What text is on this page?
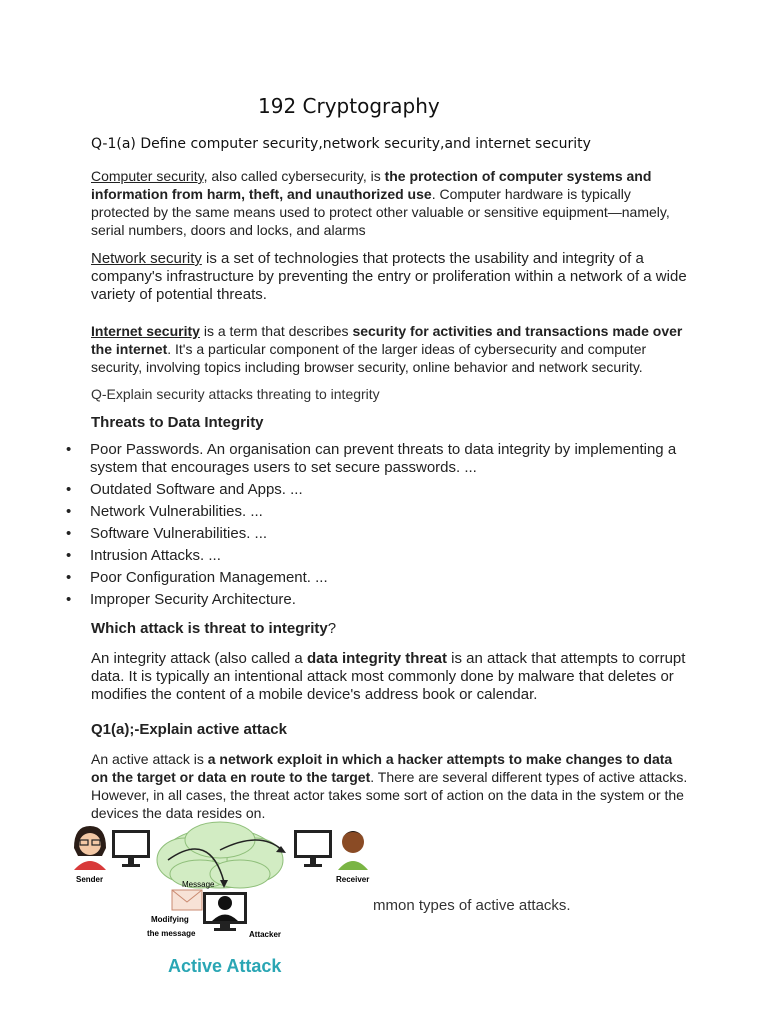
192 Cryptography
Q-1(a) Define computer security,network security,and internet security
Computer security, also called cybersecurity, is the protection of computer systems and information from harm, theft, and unauthorized use. Computer hardware is typically protected by the same means used to protect other valuable or sensitive equipment—namely, serial numbers, doors and locks, and alarms
Network security is a set of technologies that protects the usability and integrity of a company's infrastructure by preventing the entry or proliferation within a network of a wide variety of potential threats.
Internet security is a term that describes security for activities and transactions made over the internet. It's a particular component of the larger ideas of cybersecurity and computer security, involving topics including browser security, online behavior and network security.
Q-Explain security attacks threating to integrity
Threats to Data Integrity
• Poor Passwords. An organisation can prevent threats to data integrity by implementing a system that encourages users to set secure passwords. ...
• Outdated Software and Apps. ...
• Network Vulnerabilities. ...
• Software Vulnerabilities. ...
• Intrusion Attacks. ...
• Poor Configuration Management. ...
• Improper Security Architecture.
Which attack is threat to integrity?
An integrity attack (also called a data integrity threat is an attack that attempts to corrupt data. It is typically an intentional attack most commonly done by malware that deletes or modifies the content of a mobile device's address book or calendar.
Q1(a);-Explain active attack
An active attack is a network exploit in which a hacker attempts to make changes to data on the target or data en route to the target. There are several different types of active attacks. However, in all cases, the threat actor takes some sort of action on the data in the system or the devices the data resides on.
Sender	Receiver
Message
Modifying
the message	Attacker
Active Attack
mmon types of active attacks.
